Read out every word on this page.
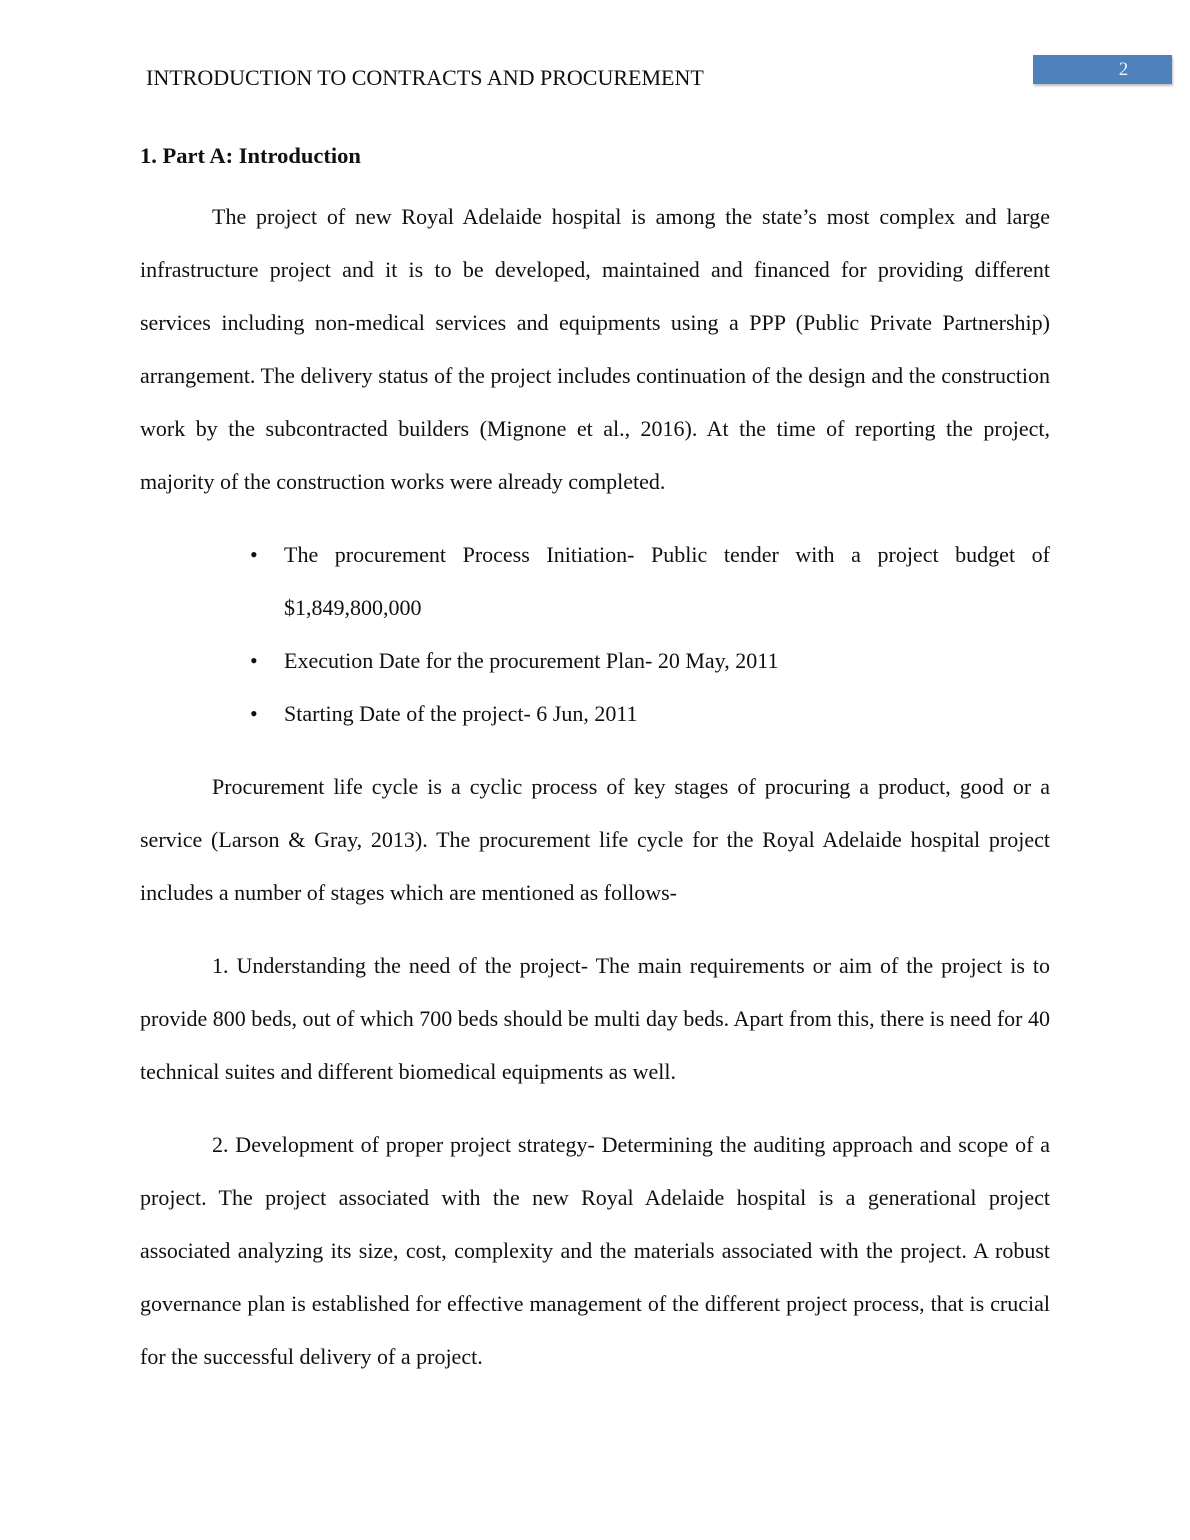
INTRODUCTION TO CONTRACTS AND PROCUREMENT	2
1. Part A: Introduction

The project of new Royal Adelaide hospital is among the state’s most complex and large infrastructure project and it is to be developed, maintained and financed for providing different services including non-medical services and equipments using a PPP (Public Private Partnership) arrangement. The delivery status of the project includes continuation of the design and the construction work by the subcontracted builders (Mignone et al., 2016). At the time of reporting the project, majority of the construction works were already completed.

• The procurement Process Initiation- Public tender with a project budget of $1,849,800,000
• Execution Date for the procurement Plan- 20 May, 2011
• Starting Date of the project- 6 Jun, 2011

Procurement life cycle is a cyclic process of key stages of procuring a product, good or a service (Larson & Gray, 2013). The procurement life cycle for the Royal Adelaide hospital project includes a number of stages which are mentioned as follows-

1. Understanding the need of the project- The main requirements or aim of the project is to provide 800 beds, out of which 700 beds should be multi day beds. Apart from this, there is need for 40 technical suites and different biomedical equipments as well.

2. Development of proper project strategy- Determining the auditing approach and scope of a project. The project associated with the new Royal Adelaide hospital is a generational project associated analyzing its size, cost, complexity and the materials associated with the project. A robust governance plan is established for effective management of the different project process, that is crucial for the successful delivery of a project.
